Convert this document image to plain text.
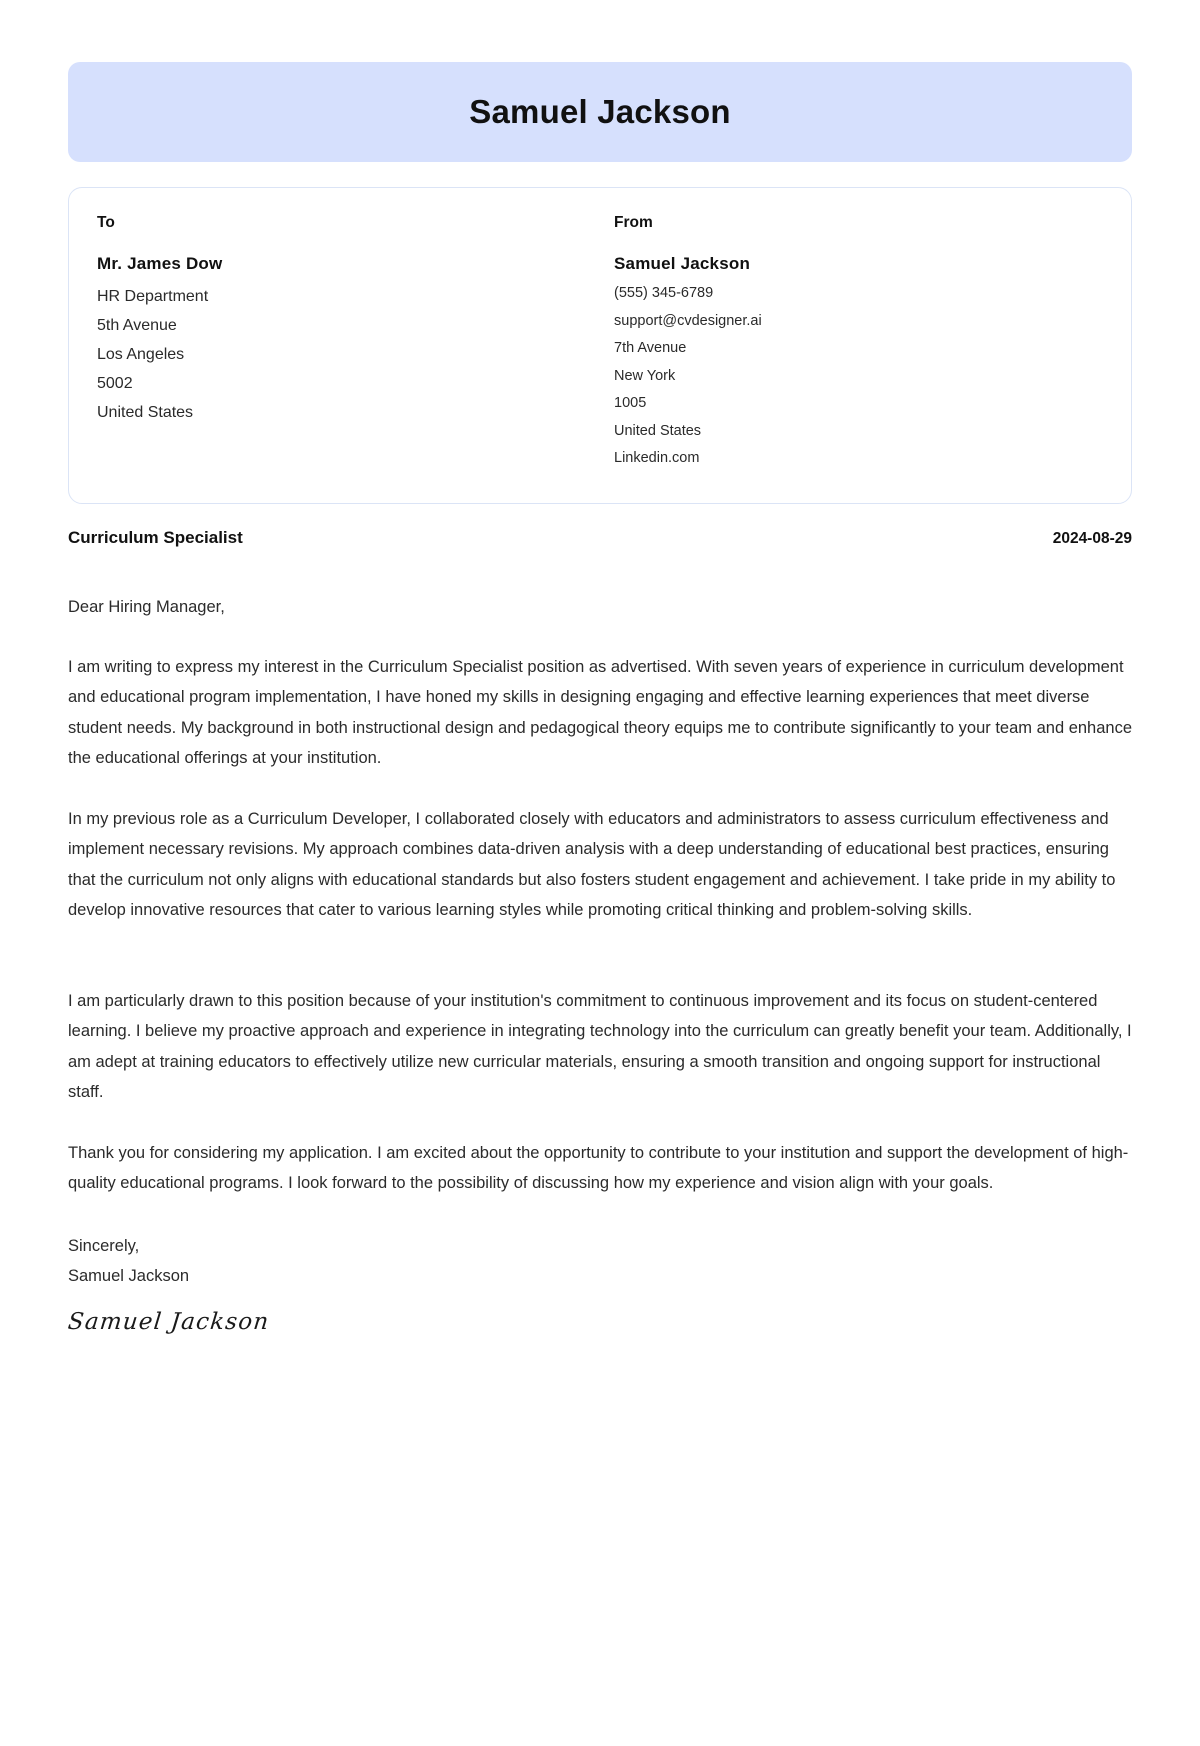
Samuel Jackson
To
Mr. James Dow
HR Department
5th Avenue
Los Angeles
5002
United States
From
Samuel Jackson
(555) 345-6789
support@cvdesigner.ai
7th Avenue
New York
1005
United States
Linkedin.com
Curriculum Specialist	2024-08-29
Dear Hiring Manager,

I am writing to express my interest in the Curriculum Specialist position as advertised. With seven years of experience in curriculum development and educational program implementation, I have honed my skills in designing engaging and effective learning experiences that meet diverse student needs. My background in both instructional design and pedagogical theory equips me to contribute significantly to your team and enhance the educational offerings at your institution.

In my previous role as a Curriculum Developer, I collaborated closely with educators and administrators to assess curriculum effectiveness and implement necessary revisions. My approach combines data-driven analysis with a deep understanding of educational best practices, ensuring that the curriculum not only aligns with educational standards but also fosters student engagement and achievement. I take pride in my ability to develop innovative resources that cater to various learning styles while promoting critical thinking and problem-solving skills.

I am particularly drawn to this position because of your institution's commitment to continuous improvement and its focus on student-centered learning. I believe my proactive approach and experience in integrating technology into the curriculum can greatly benefit your team. Additionally, I am adept at training educators to effectively utilize new curricular materials, ensuring a smooth transition and ongoing support for instructional staff.

Thank you for considering my application. I am excited about the opportunity to contribute to your institution and support the development of high-quality educational programs. I look forward to the possibility of discussing how my experience and vision align with your goals.

Sincerely,
Samuel Jackson
Samuel Jackson
